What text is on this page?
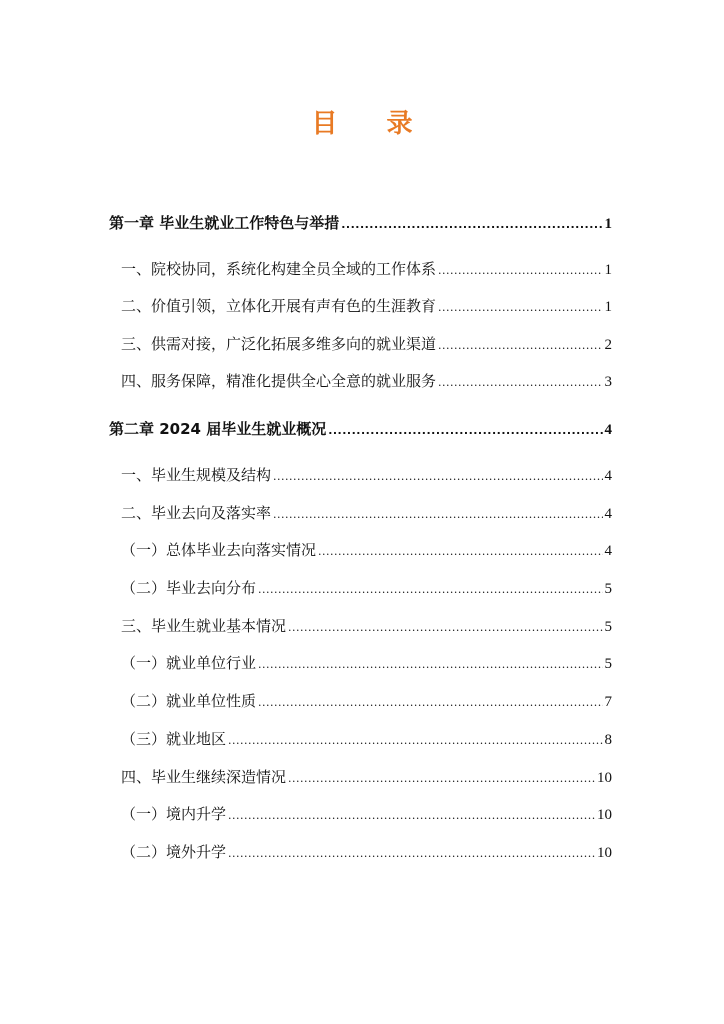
目 录
第一章 毕业生就业工作特色与举措 .....	1
一、院校协同，系统化构建全员全域的工作体系 .....	1
二、价值引领，立体化开展有声有色的生涯教育 .....	1
三、供需对接，广泛化拓展多维多向的就业渠道 .....	2
四、服务保障，精准化提供全心全意的就业服务 .....	3
第二章 2024 届毕业生就业概况 .....	4
一、毕业生规模及结构 .....	4
二、毕业去向及落实率 .....	4
（一）总体毕业去向落实情况 .....	4
（二）毕业去向分布 .....	5
三、毕业生就业基本情况 .....	5
（一）就业单位行业 .....	5
（二）就业单位性质 .....	7
（三）就业地区 .....	8
四、毕业生继续深造情况 .....	10
（一）境内升学 .....	10
（二）境外升学 .....	10
